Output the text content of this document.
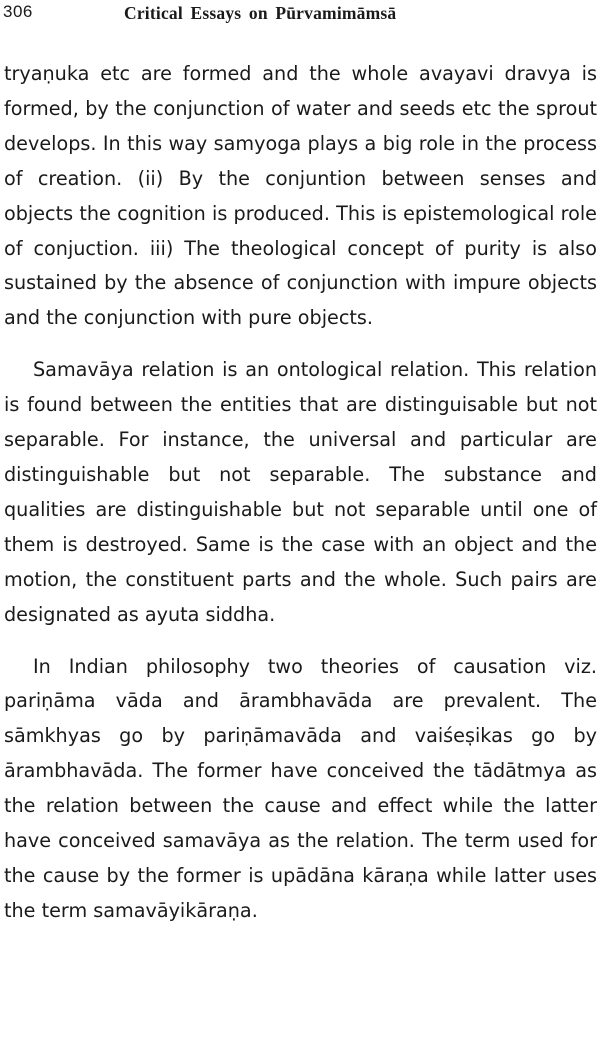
306	Critical Essays on Pūrvamimāmsā

tryaṇuka etc are formed and the whole avayavi dravya is formed, by the conjunction of water and seeds etc the sprout develops. In this way samyoga plays a big role in the process of creation. (ii) By the conjuntion between senses and objects the cognition is produced. This is epistemological role of conjuction. iii) The theological concept of purity is also sustained by the absence of conjunction with impure objects and the conjunction with pure objects.

Samavāya relation is an ontological relation. This relation is found between the entities that are distinguisable but not separable. For instance, the universal and particular are distinguishable but not separable. The substance and qualities are distinguishable but not separable until one of them is destroyed. Same is the case with an object and the motion, the constituent parts and the whole. Such pairs are designated as ayuta siddha.

In Indian philosophy two theories of causation viz. pariṇāma vāda and ārambhavāda are prevalent. The sāmkhyas go by pariṇāmavāda and vaiśeṣikas go by ārambhavāda. The former have conceived the tādātmya as the relation between the cause and effect while the latter have conceived samavāya as the relation. The term used for the cause by the former is upādāna kāraṇa while latter uses the term samavāyikāraṇa.
